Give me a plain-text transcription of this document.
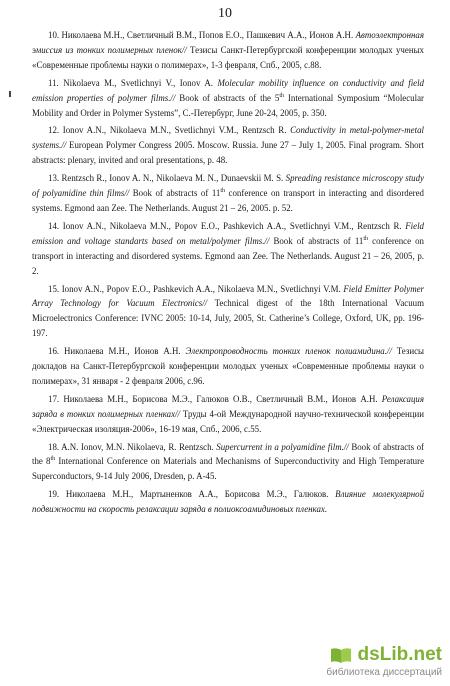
10

10. Николаева М.Н., Светличный В.М., Попов Е.О., Пашкевич А.А., Ионов А.Н. Автоэлектронная эмиссия из тонких полимерных пленок// Тезисы Санкт-Петербургской конференции молодых ученых «Современные проблемы науки о полимерах», 1-3 февраля, Спб., 2005, с.88.

11. Nikolaeva M., Svetlichnyi V., Ionov A. Molecular mobility influence on conductivity and field emission properties of polymer films.// Book of abstracts of the 5th International Symposium “Molecular Mobility and Order in Polymer Systems”, С.-Петербург, June 20-24, 2005, p. 350.

12. Ionov A.N., Nikolaeva M.N., Svetlichnyi V.M., Rentzsch R. Conductivity in metal-polymer-metal systems.// European Polymer Congress 2005. Moscow. Russia. June 27 – July 1, 2005. Final program. Short abstracts: plenary, invited and oral presentations, p. 48.

13. Rentzsch R., Ionov A. N., Nikolaeva M. N., Dunaevskii M. S. Spreading resistance microscopy study of polyamidine thin films// Book of abstracts of 11th conference on transport in interacting and disordered systems. Egmond aan Zee. The Netherlands. August 21 – 26, 2005. p. 52.

14. Ionov A.N., Nikolaeva M.N., Popov E.O., Pashkevich A.A., Svetlichnyi V.M., Rentzsch R. Field emission and voltage standarts based on metal/polymer films.// Book of abstracts of 11th conference on transport in interacting and disordered systems. Egmond aan Zee. The Netherlands. August 21 – 26, 2005, p. 2.

15. Ionov A.N., Popov E.O., Pashkevich A.A., Nikolaeva M.N., Svetlichnyi V.M. Field Emitter Polymer Array Technology for Vacuum Electronics// Technical digest of the 18th International Vacuum Microelectronics Conference: IVNC 2005: 10-14, July, 2005, St. Catherine’s College, Oxford, UK, pp. 196- 197.

16. Николаева М.Н., Ионов А.Н. Электропроводность тонких пленок полиамидина.// Тезисы докладов на Санкт-Петербургской конференции молодых ученых «Современные проблемы науки о полимерах», 31 января - 2 февраля 2006, с.96.

17. Николаева М.Н., Борисова М.Э., Галюков О.В., Светличный В.М., Ионов А.Н. Релаксация заряда в тонких полимерных пленках// Труды 4-ой Международной научно-технической конференции «Электрическая изоляция-2006», 16-19 мая, Спб., 2006, с.55.

18. A.N. Ionov, M.N. Nikolaeva, R. Rentzsch. Supercurrent in a polyamidine film.// Book of abstracts of the 8th International Conference on Materials and Mechanisms of Superconductivity and High Temperature Superconductors, 9-14 July 2006, Dresden, p. A-45.

19. Николаева М.Н., Мартыненков А.А., Борисова М.Э., Галюков. Влияние молекулярной подвижности на скорость релаксации заряда в полиоксоамидиновых пленках.

dsLib.net
библиотека диссертаций
